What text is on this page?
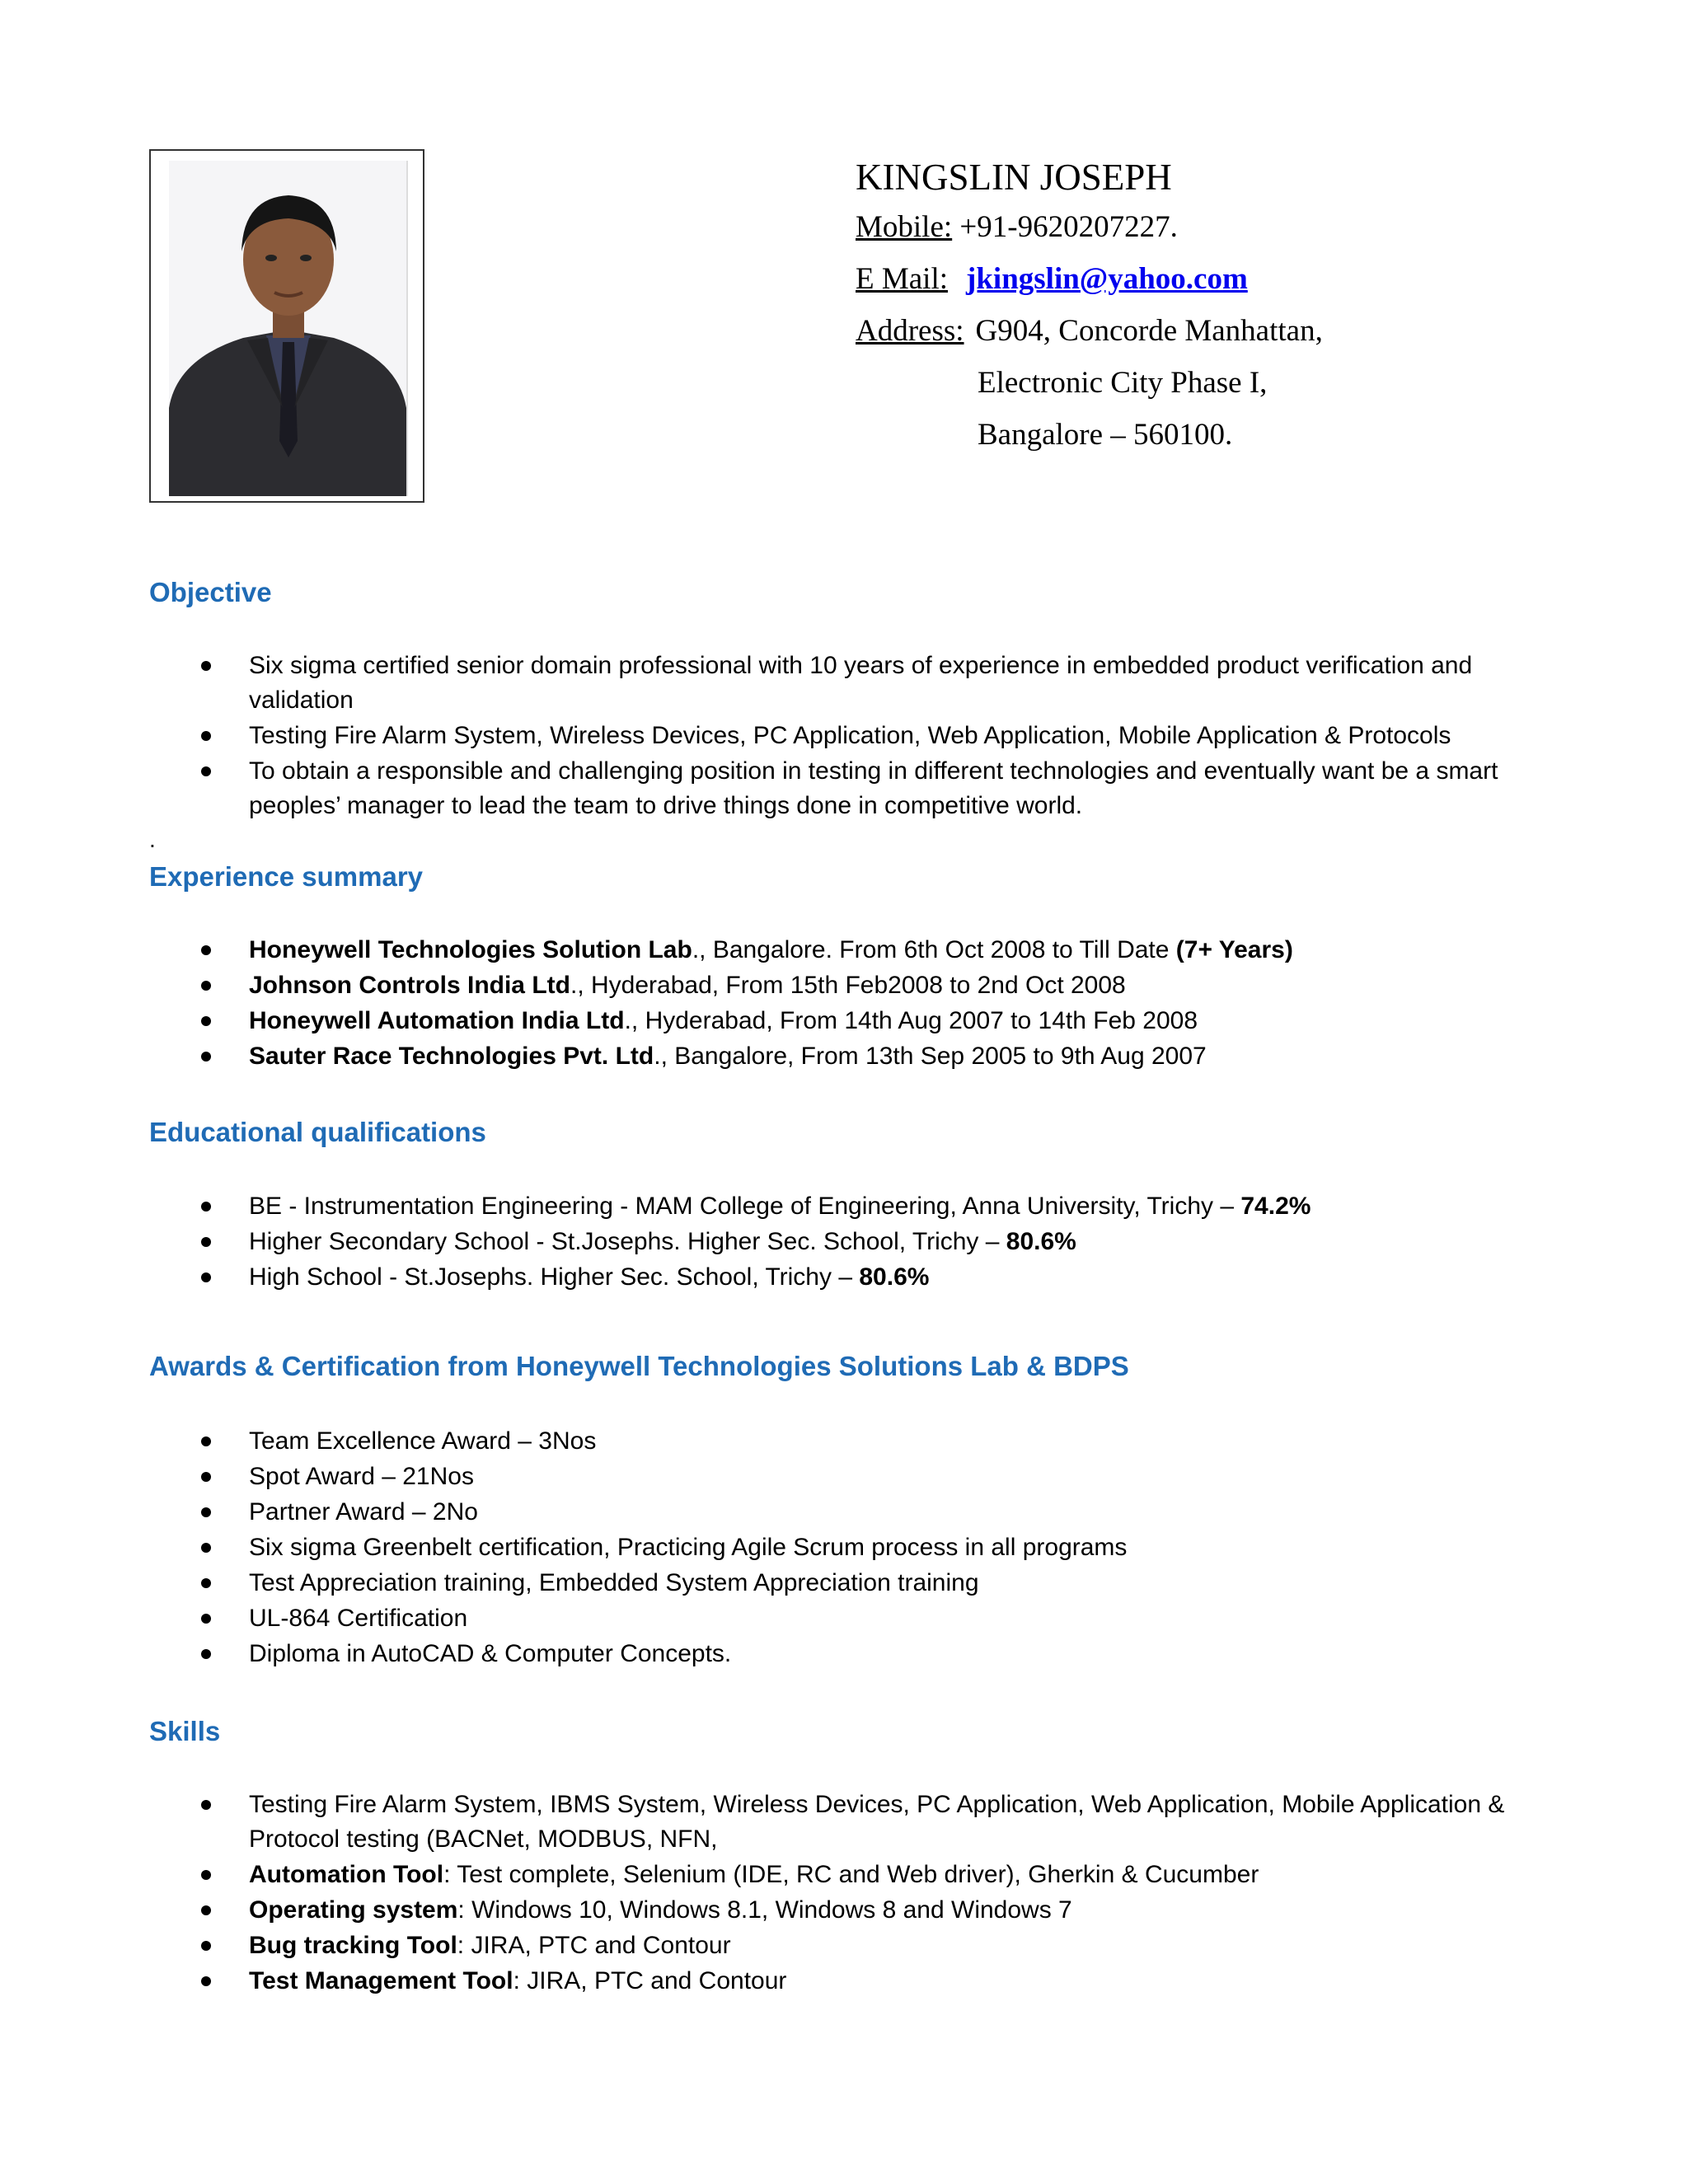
KINGSLIN JOSEPH
Mobile: +91-9620207227.
E Mail: jkingslin@yahoo.com
Address: G904, Concorde Manhattan,
Electronic City Phase I,
Bangalore – 560100.
Objective
Six sigma certified senior domain professional with 10 years of experience in embedded product verification and validation
Testing Fire Alarm System, Wireless Devices, PC Application, Web Application, Mobile Application & Protocols
To obtain a responsible and challenging position in testing in different technologies and eventually want be a smart peoples’ manager to lead the team to drive things done in competitive world.
.
Experience summary
Honeywell Technologies Solution Lab., Bangalore. From 6th Oct 2008 to Till Date (7+ Years)
Johnson Controls India Ltd., Hyderabad, From 15th Feb2008 to 2nd Oct 2008
Honeywell Automation India Ltd., Hyderabad, From 14th Aug 2007 to 14th Feb 2008
Sauter Race Technologies Pvt. Ltd., Bangalore, From 13th Sep 2005 to 9th Aug 2007
Educational qualifications
BE - Instrumentation Engineering - MAM College of Engineering, Anna University, Trichy – 74.2%
Higher Secondary School - St.Josephs. Higher Sec. School, Trichy – 80.6%
High School - St.Josephs. Higher Sec. School, Trichy – 80.6%
Awards & Certification from Honeywell Technologies Solutions Lab & BDPS
Team Excellence Award – 3Nos
Spot Award – 21Nos
Partner Award – 2No
Six sigma Greenbelt certification, Practicing Agile Scrum process in all programs
Test Appreciation training, Embedded System Appreciation training
UL-864 Certification
Diploma in AutoCAD & Computer Concepts.
Skills
Testing Fire Alarm System, IBMS System, Wireless Devices, PC Application, Web Application, Mobile Application & Protocol testing (BACNet, MODBUS, NFN,
Automation Tool: Test complete, Selenium (IDE, RC and Web driver), Gherkin & Cucumber
Operating system: Windows 10, Windows 8.1, Windows 8 and Windows 7
Bug tracking Tool: JIRA, PTC and Contour
Test Management Tool: JIRA, PTC and Contour
